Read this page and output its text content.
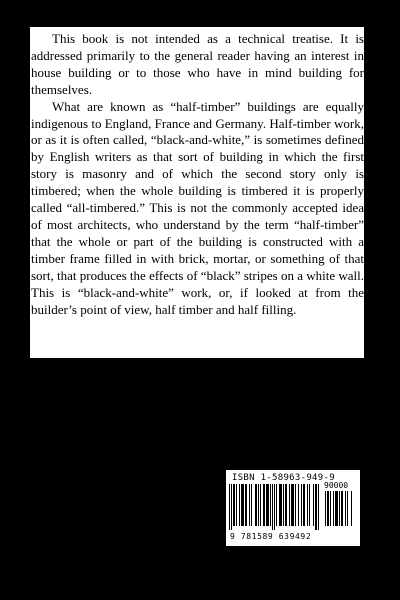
This book is not intended as a technical treatise. It is addressed primarily to the general reader having an interest in house building or to those who have in mind building for themselves.

What are known as “half-timber” buildings are equally indigenous to England, France and Germany. Half-timber work, or as it is often called, “black-and-white,” is sometimes defined by English writers as that sort of building in which the first story is masonry and of which the second story only is timbered; when the whole building is timbered it is properly called “all-timbered.” This is not the commonly accepted idea of most architects, who understand by the term “half-timber” that the whole or part of the building is constructed with a timber frame filled in with brick, mortar, or something of that sort, that produces the effects of “black” stripes on a white wall. This is “black-and-white” work, or, if looked at from the builder’s point of view, half timber and half filling.

ISBN 1-58963-949-9
90000
9 781589 639492
